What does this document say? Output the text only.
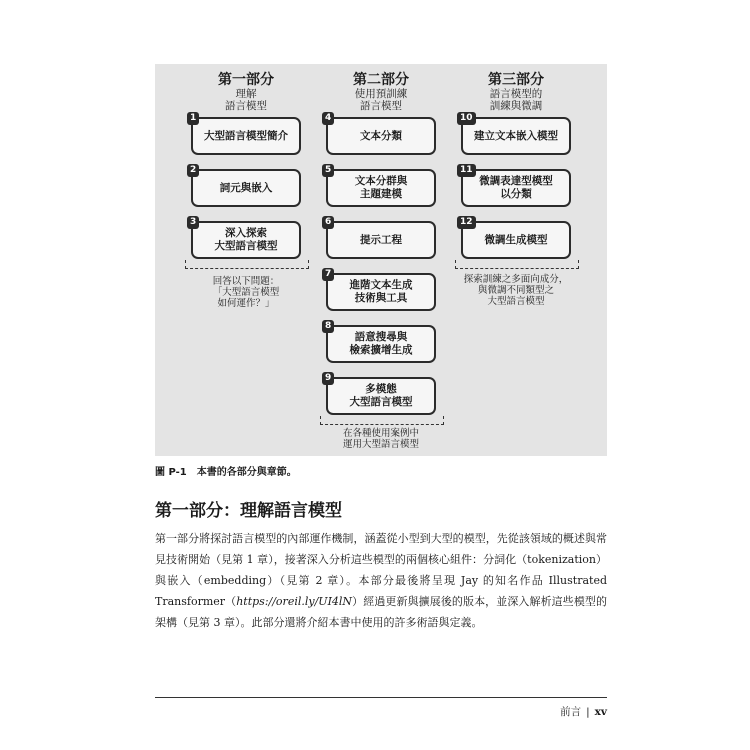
第一部分
理解
語言模型
1
大型語言模型簡介
2
詞元與嵌入
3
深入探索
大型語言模型
回答以下問題：
「大型語言模型
如何運作？」
第二部分
使用預訓練
語言模型
4
文本分類
5
文本分群與
主題建模
6
提示工程
7
進階文本生成
技術與工具
8
語意搜尋與
檢索擴增生成
9
多模態
大型語言模型
在各種使用案例中
運用大型語言模型
第三部分
語言模型的
訓練與微調
10
建立文本嵌入模型
11
微調表達型模型
以分類
12
微調生成模型
探索訓練之多面向成分，
與微調不同類型之
大型語言模型
圖 P-1 本書的各部分與章節。
第一部分：理解語言模型

第一部分將探討語言模型的內部運作機制，涵蓋從小型到大型的模型，先從該領域的概述與常見技術開始（見第 1 章），接著深入分析這些模型的兩個核心組件：分詞化（tokenization）與嵌入（embedding）（見第 2 章）。本部分最後將呈現 Jay 的知名作品 Illustrated Transformer（https://oreil.ly/UI4lN）經過更新與擴展後的版本，並深入解析這些模型的架構（見第 3 章）。此部分還將介紹本書中使用的許多術語與定義。

前言 | xv
